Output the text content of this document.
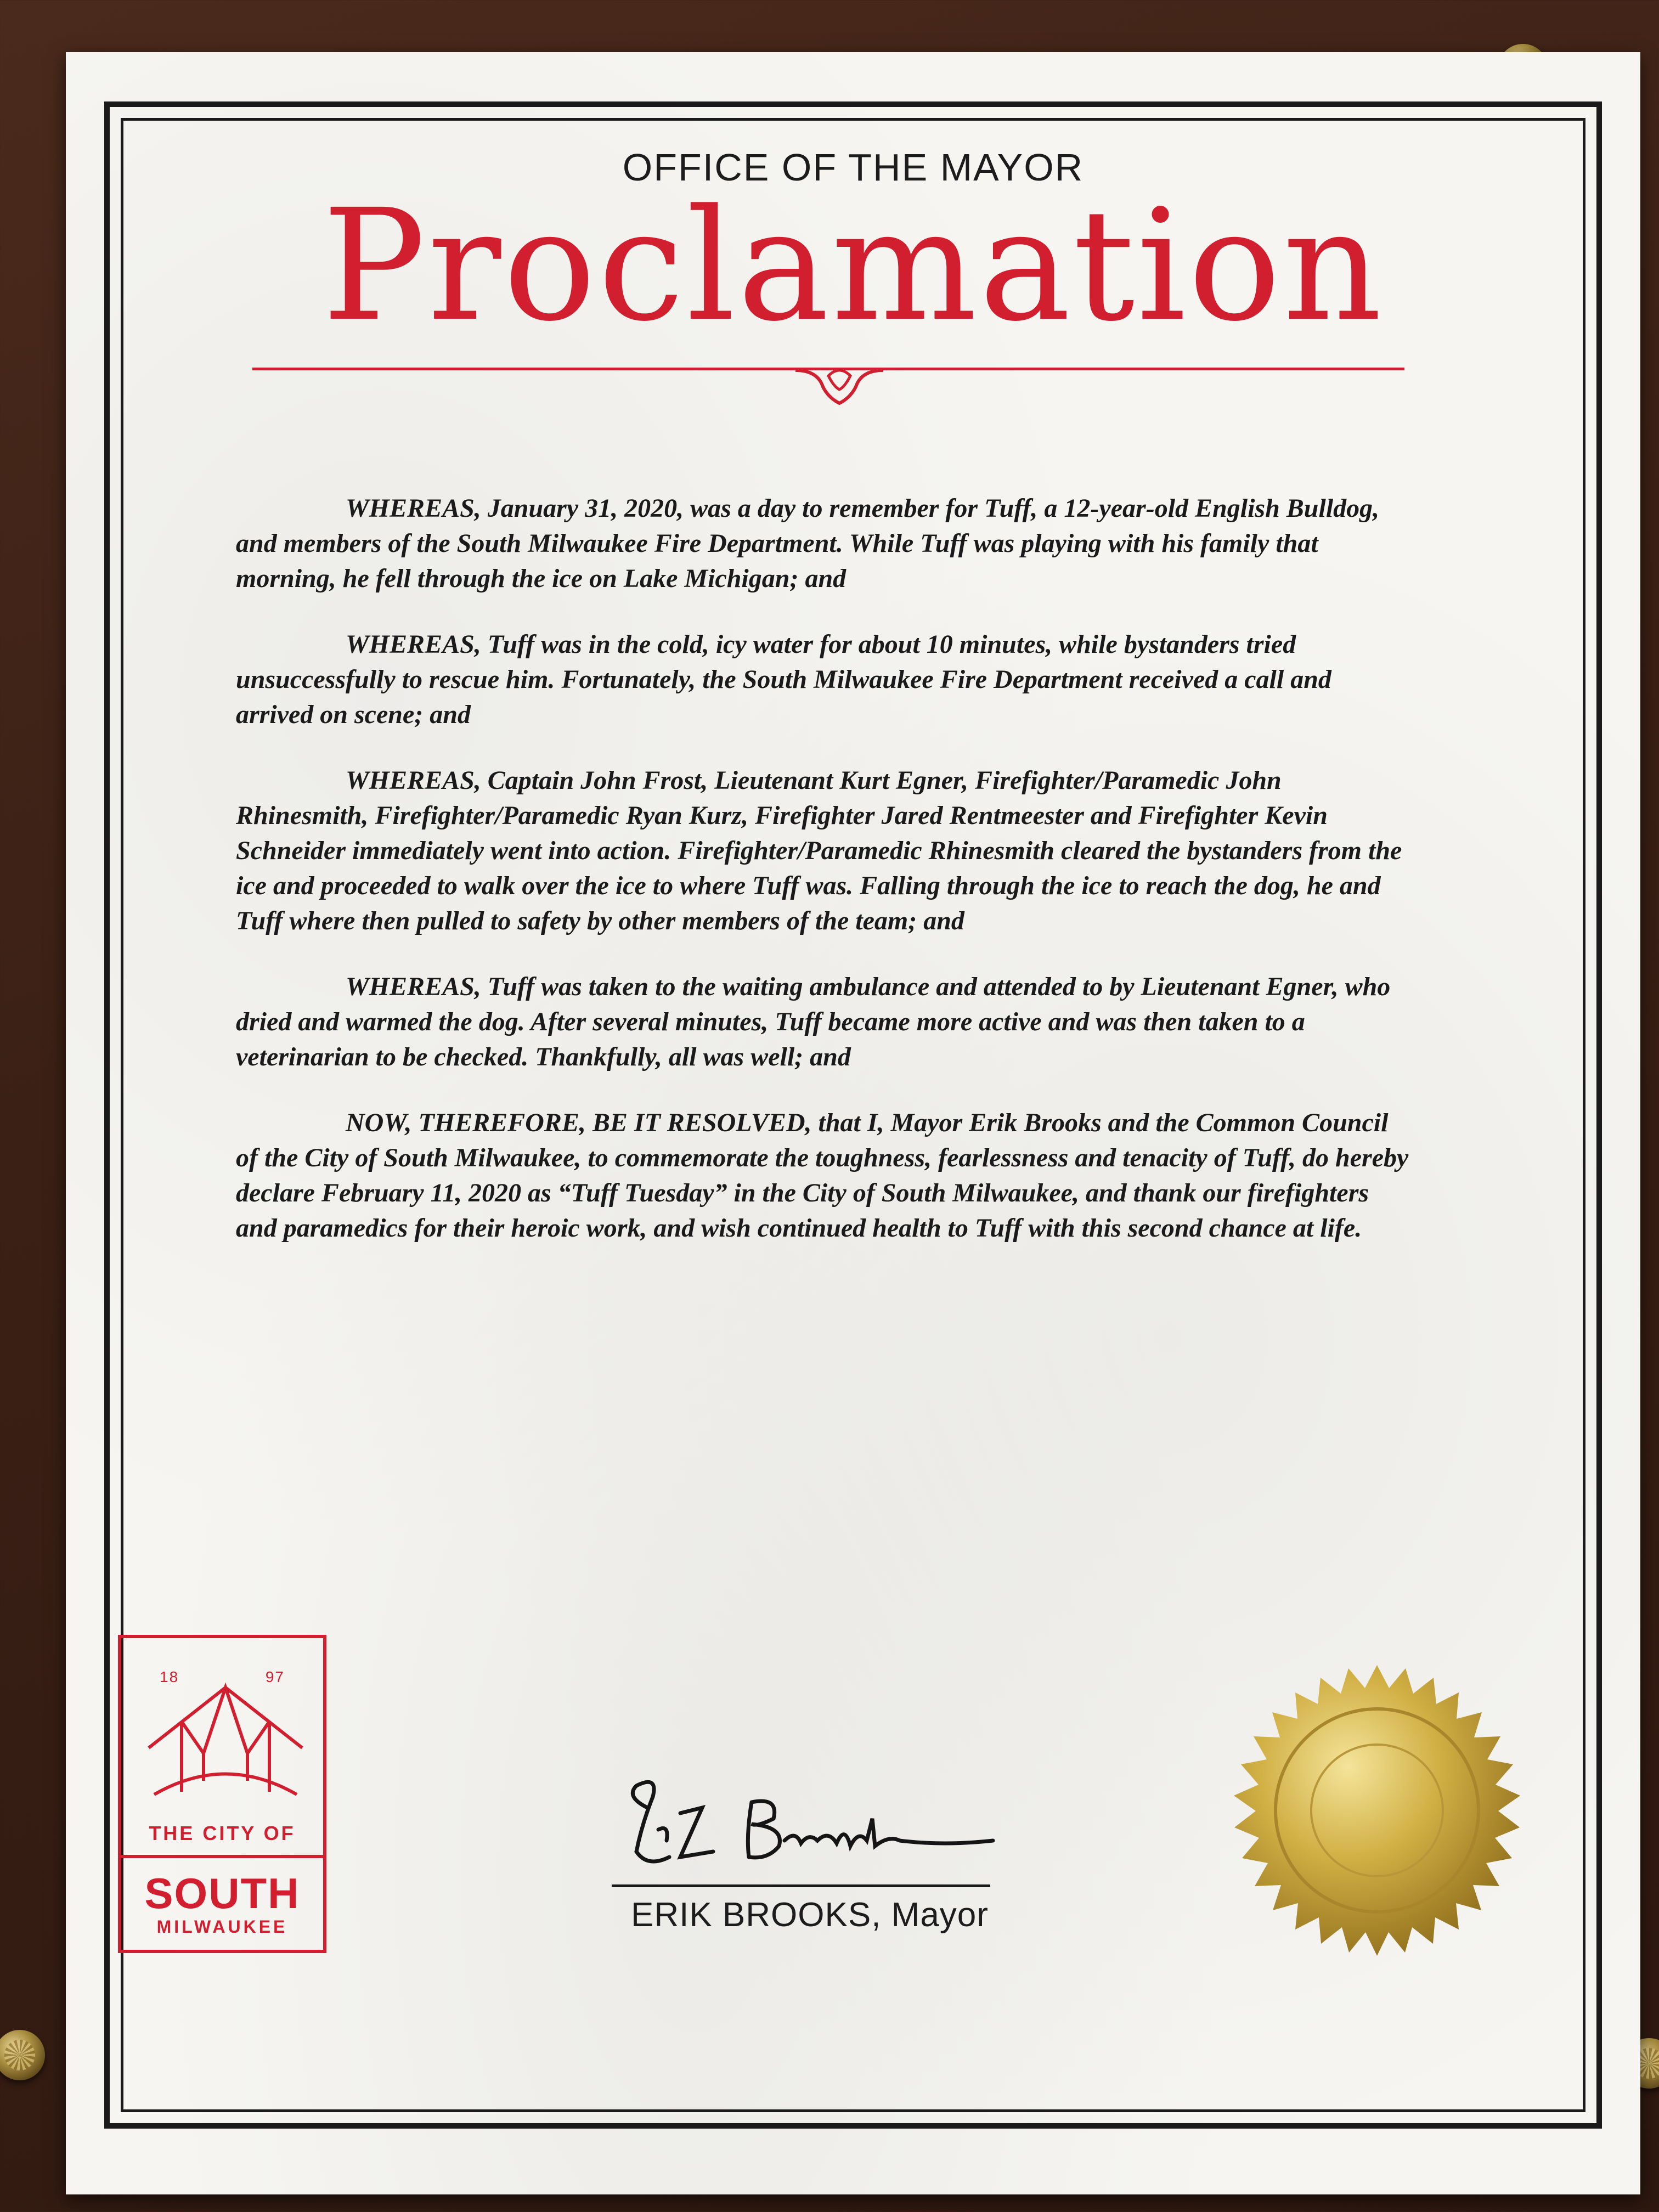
OFFICE OF THE MAYOR
Proclamation

WHEREAS, January 31, 2020, was a day to remember for Tuff, a 12-year-old English Bulldog, and members of the South Milwaukee Fire Department. While Tuff was playing with his family that morning, he fell through the ice on Lake Michigan; and

WHEREAS, Tuff was in the cold, icy water for about 10 minutes, while bystanders tried unsuccessfully to rescue him. Fortunately, the South Milwaukee Fire Department received a call and arrived on scene; and

WHEREAS, Captain John Frost, Lieutenant Kurt Egner, Firefighter/Paramedic John Rhinesmith, Firefighter/Paramedic Ryan Kurz, Firefighter Jared Rentmeester and Firefighter Kevin Schneider immediately went into action. Firefighter/Paramedic Rhinesmith cleared the bystanders from the ice and proceeded to walk over the ice to where Tuff was. Falling through the ice to reach the dog, he and Tuff where then pulled to safety by other members of the team; and

WHEREAS, Tuff was taken to the waiting ambulance and attended to by Lieutenant Egner, who dried and warmed the dog. After several minutes, Tuff became more active and was then taken to a veterinarian to be checked. Thankfully, all was well; and

NOW, THEREFORE, BE IT RESOLVED, that I, Mayor Erik Brooks and the Common Council of the City of South Milwaukee, to commemorate the toughness, fearlessness and tenacity of Tuff, do hereby declare February 11, 2020 as “Tuff Tuesday” in the City of South Milwaukee, and thank our firefighters and paramedics for their heroic work, and wish continued health to Tuff with this second chance at life.

18	97
THE CITY OF
SOUTH
MILWAUKEE	ERIK BROOKS, Mayor
